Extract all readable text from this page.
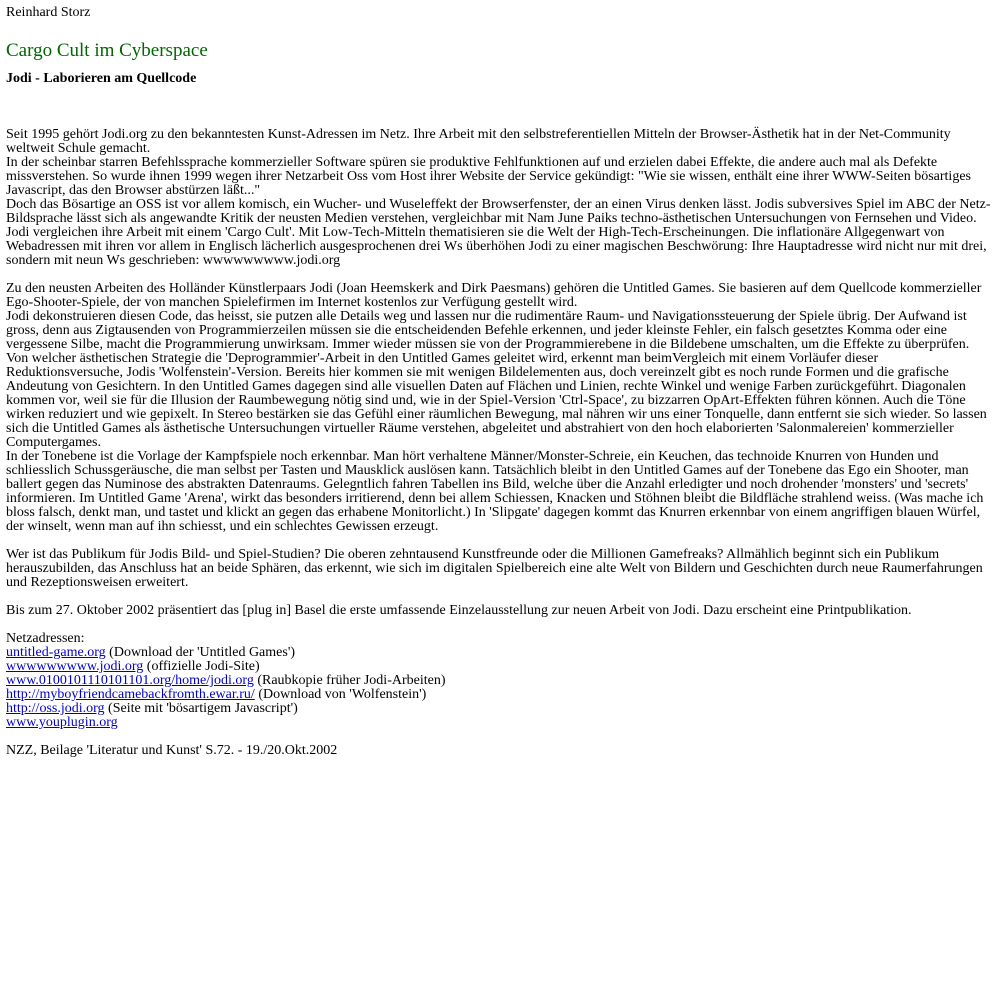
Reinhard Storz

Cargo Cult im Cyberspace
Jodi - Laborieren am Quellcode

Seit 1995 gehört Jodi.org zu den bekanntesten Kunst-Adressen im Netz. Ihre Arbeit mit den selbstreferentiellen Mitteln der Browser-Ästhetik hat in der Net-Community weltweit Schule gemacht.

In der scheinbar starren Befehlssprache kommerzieller Software spüren sie produktive Fehlfunktionen auf und erzielen dabei Effekte, die andere auch mal als Defekte missverstehen. So wurde ihnen 1999 wegen ihrer Netzarbeit Oss vom Host ihrer Website der Service gekündigt: "Wie sie wissen, enthält eine ihrer WWW-Seiten bösartiges Javascript, das den Browser abstürzen läßt..."

Doch das Bösartige an OSS ist vor allem komisch, ein Wucher- und Wuseleffekt der Browserfenster, der an einen Virus denken lässt. Jodis subversives Spiel im ABC der Netz-Bildsprache lässt sich als angewandte Kritik der neusten Medien verstehen, vergleichbar mit Nam June Paiks techno-ästhetischen Untersuchungen von Fernsehen und Video. Jodi vergleichen ihre Arbeit mit einem 'Cargo Cult'. Mit Low-Tech-Mitteln thematisieren sie die Welt der High-Tech-Erscheinungen. Die inflationäre Allgegenwart von Webadressen mit ihren vor allem in Englisch lächerlich ausgesprochenen drei Ws überhöhen Jodi zu einer magischen Beschwörung: Ihre Hauptadresse wird nicht nur mit drei, sondern mit neun Ws geschrieben: wwwwwwwww.jodi.org

Zu den neusten Arbeiten des Holländer Künstlerpaars Jodi (Joan Heemskerk and Dirk Paesmans) gehören die Untitled Games. Sie basieren auf dem Quellcode kommerzieller Ego-Shooter-Spiele, der von manchen Spielefirmen im Internet kostenlos zur Verfügung gestellt wird.

Jodi dekonstruieren diesen Code, das heisst, sie putzen alle Details weg und lassen nur die rudimentäre Raum- und Navigationssteuerung der Spiele übrig. Der Aufwand ist gross, denn aus Zigtausenden von Programmierzeilen müssen sie die entscheidenden Befehle erkennen, und jeder kleinste Fehler, ein falsch gesetztes Komma oder eine vergessene Silbe, macht die Programmierung unwirksam. Immer wieder müssen sie von der Programmierebene in die Bildebene umschalten, um die Effekte zu überprüfen.

Von welcher ästhetischen Strategie die 'Deprogrammier'-Arbeit in den Untitled Games geleitet wird, erkennt man beimVergleich mit einem Vorläufer dieser Reduktionsversuche, Jodis 'Wolfenstein'-Version. Bereits hier kommen sie mit wenigen Bildelementen aus, doch vereinzelt gibt es noch runde Formen und die grafische Andeutung von Gesichtern. In den Untitled Games dagegen sind alle visuellen Daten auf Flächen und Linien, rechte Winkel und wenige Farben zurückgeführt. Diagonalen kommen vor, weil sie für die Illusion der Raumbewegung nötig sind und, wie in der Spiel-Version 'Ctrl-Space', zu bizzarren OpArt-Effekten führen können. Auch die Töne wirken reduziert und wie gepixelt. In Stereo bestärken sie das Gefühl einer räumlichen Bewegung, mal nähren wir uns einer Tonquelle, dann entfernt sie sich wieder. So lassen sich die Untitled Games als ästhetische Untersuchungen virtueller Räume verstehen, abgeleitet und abstrahiert von den hoch elaborierten 'Salonmalereien' kommerzieller Computergames.

In der Tonebene ist die Vorlage der Kampfspiele noch erkennbar. Man hört verhaltene Männer/Monster-Schreie, ein Keuchen, das technoide Knurren von Hunden und schliesslich Schussgeräusche, die man selbst per Tasten und Mausklick auslösen kann. Tatsächlich bleibt in den Untitled Games auf der Tonebene das Ego ein Shooter, man ballert gegen das Numinose des abstrakten Datenraums. Gelegntlich fahren Tabellen ins Bild, welche über die Anzahl erledigter und noch drohender 'monsters' und 'secrets' informieren. Im Untitled Game 'Arena', wirkt das besonders irritierend, denn bei allem Schiessen, Knacken und Stöhnen bleibt die Bildfläche strahlend weiss. (Was mache ich bloss falsch, denkt man, und tastet und klickt an gegen das erhabene Monitorlicht.) In 'Slipgate' dagegen kommt das Knurren erkennbar von einem angriffigen blauen Würfel, der winselt, wenn man auf ihn schiesst, und ein schlechtes Gewissen erzeugt.

Wer ist das Publikum für Jodis Bild- und Spiel-Studien? Die oberen zehntausend Kunstfreunde oder die Millionen Gamefreaks? Allmählich beginnt sich ein Publikum herauszubilden, das Anschluss hat an beide Sphären, das erkennt, wie sich im digitalen Spielbereich eine alte Welt von Bildern und Geschichten durch neue Raumerfahrungen und Rezeptionsweisen erweitert.

Bis zum 27. Oktober 2002 präsentiert das [plug in] Basel die erste umfassende Einzelausstellung zur neuen Arbeit von Jodi. Dazu erscheint eine Printpublikation.

Netzadressen:

untitled-game.org (Download der 'Untitled Games')
wwwwwwwww.jodi.org (offizielle Jodi-Site)
www.0100101110101101.org/home/jodi.org (Raubkopie früher Jodi-Arbeiten)
http://myboyfriendcamebackfromth.ewar.ru/ (Download von 'Wolfenstein')
http://oss.jodi.org (Seite mit 'bösartigem Javascript')
www.youplugin.org

NZZ, Beilage 'Literatur und Kunst' S.72. - 19./20.Okt.2002
